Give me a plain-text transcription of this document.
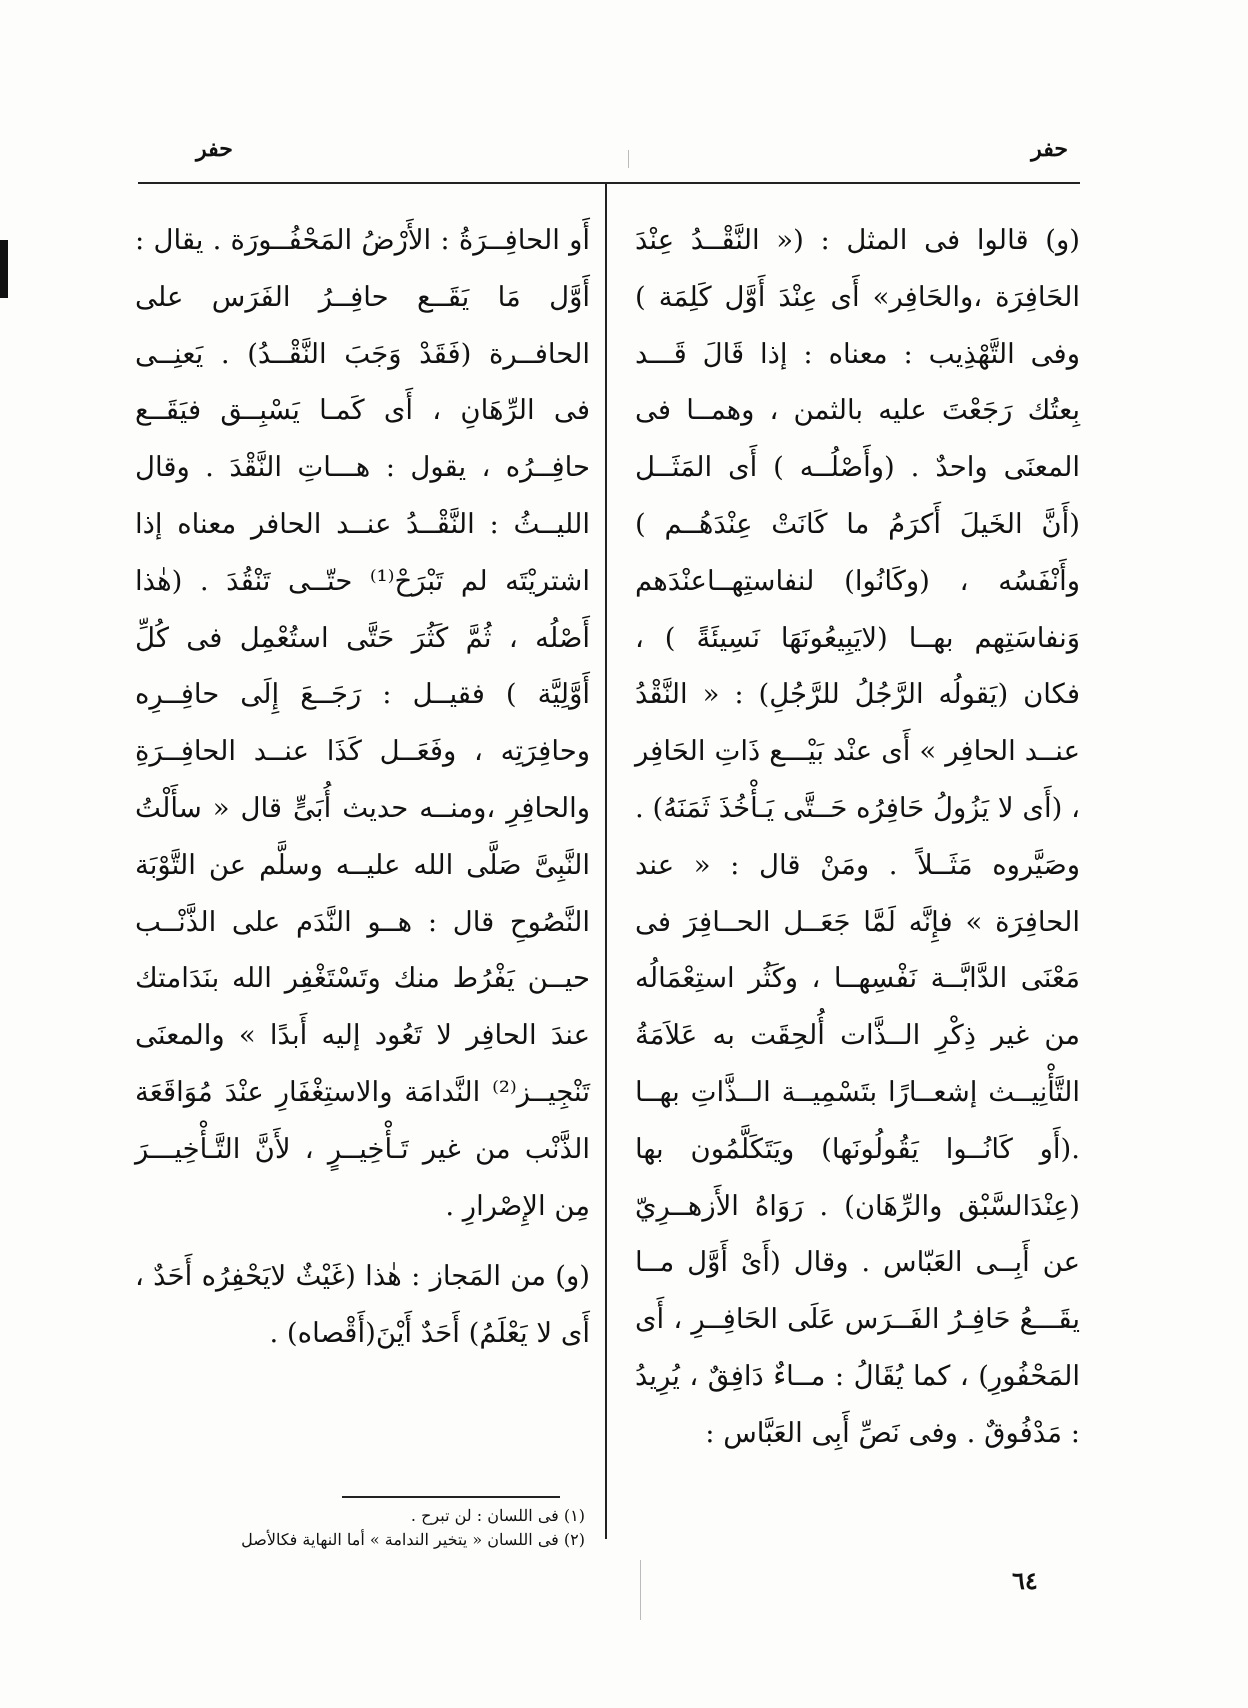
حفر
حفر

(و) قالوا فى المثل : (« النَّقْــدُ عِنْدَ الحَافِرَة ،والحَافِر» أَى عِنْدَ أَوَّل كَلِمَة ) وفى التَّهْذِيب : معناه : إذا قَالَ قَـــد بِعتُك رَجَعْتَ عليه بالثمن ، وهمــا فى المعنَى واحدٌ . (وأَصْلُــه ) أَى المَثَــل (أَنَّ الخَيلَ أَكرَمُ ما كَانَتْ عِنْدَهُــم ) وأَنْفَسُه ، (وكَانُوا) لنفاستِهــاعنْدَهم وَنفاسَتِهم بهــا (لايَبِيعُونَهَا نَسِيئَةً ) ، فكان (يَقولُه الرَّجُلُ للرَّجُلِ) : « النَّقْدُ عنــد الحافِر » أَى عنْد بَيْـــع ذَاتِ الحَافِر ، (أَى لا يَزُولُ حَافِرُه حَــتَّى يَـأْخُذَ ثَمَنَهُ) . وصَيَّروه مَثَــلاً . ومَنْ قال : « عند الحافِرَة » فإِنَّه لَمَّا جَعَــل الحــافِرَ فى مَعْنَى الدَّابَّــة نَفْسِهــا ، وكَثُر استِعْمَالُه من غير ذِكْرِ الــذَّات أُلحِقَت به عَلاَمَةُ التَّأْنِيــث إشعــارًا بتَسْمِيــة الــذَّاتِ بهــا .(أَو كَانُــوا يَقُولُونَها) ويَتَكَلَّمُون بها (عِنْدَالسَّبْق والرِّهَان) . رَوَاهُ الأَزهــرِيّ عن أَبِــى العَبّاس . وقال (أَىْ أَوَّل مــا يقَـــعُ حَافِـرُ الفَــرَس عَلَى الحَافِــرِ ، أَى المَحْفُورِ) ، كما يُقَالُ : مــاءٌ دَافِقٌ ، يُرِيدُ : مَدْفُوقٌ . وفى نَصِّ أَبِى العَبَّاس :

أَو الحافِــرَةُ : الأَرْضُ المَحْفُــورَة . يقال : أَوَّل مَا يَقَــع حافِــرُ الفَرَس على الحافــرة (فَقَدْ وَجَبَ النَّقْــدُ) . يَعنِــى فى الرِّهَانِ ، أَى كَمـا يَسْبِــق فيَقَــع حافِــرُه ، يقول : هـــاتِ النَّقْدَ . وقال الليــثُ : النَّقْــدُ عنــد الحافر معناه إذا اشتريْتَه لم تَبْرَحْ⁽¹⁾ حتّــى تَنْقُدَ . (هٰذا أَصْلُه ، ثُمَّ كَثُرَ حَتَّى استُعْمِل فى كُلِّ أَوَّلِيَّة ) فقيــل : رَجَــعَ إِلَى حافِــرِه وحافِرَتِه ، وفَعَــل كَذَا عنــد الحافِــرَةِ والحافِرِ ،ومنــه حديث أُبَىٍّ قال « سأَلْتُ النَّبِىَّ صَلَّى الله عليــه وسلَّم عن التَّوْبَة النَّصُوحِ قال : هــو النَّدَم على الذَّنْــب حيــن يَفْرُط منك وتَسْتَغْفِر الله بنَدَامتك عندَ الحافِر لا تَعُود إليه أَبدًا » والمعنَى تَنْجِيــز⁽²⁾ النَّدامَة والاستِغْفَارِ عنْدَ مُوَاقَعَة الذَّنْب من غير تَـأْخِيــرٍ ، لأَنَّ التَّـأْخِيـــرَ مِن الإِصْرارِ .

(و) من المَجاز : هٰذا (غَيْثٌ لايَحْفِرُه أَحَدٌ ، أَى لا يَعْلَمُ) أَحَدٌ أَيْنَ(أَقْصاه) .

(١) فى اللسان : لن تبرح .
(٢) فى اللسان « يتخير الندامة » أما النهاية فكالأصل
٦٤
